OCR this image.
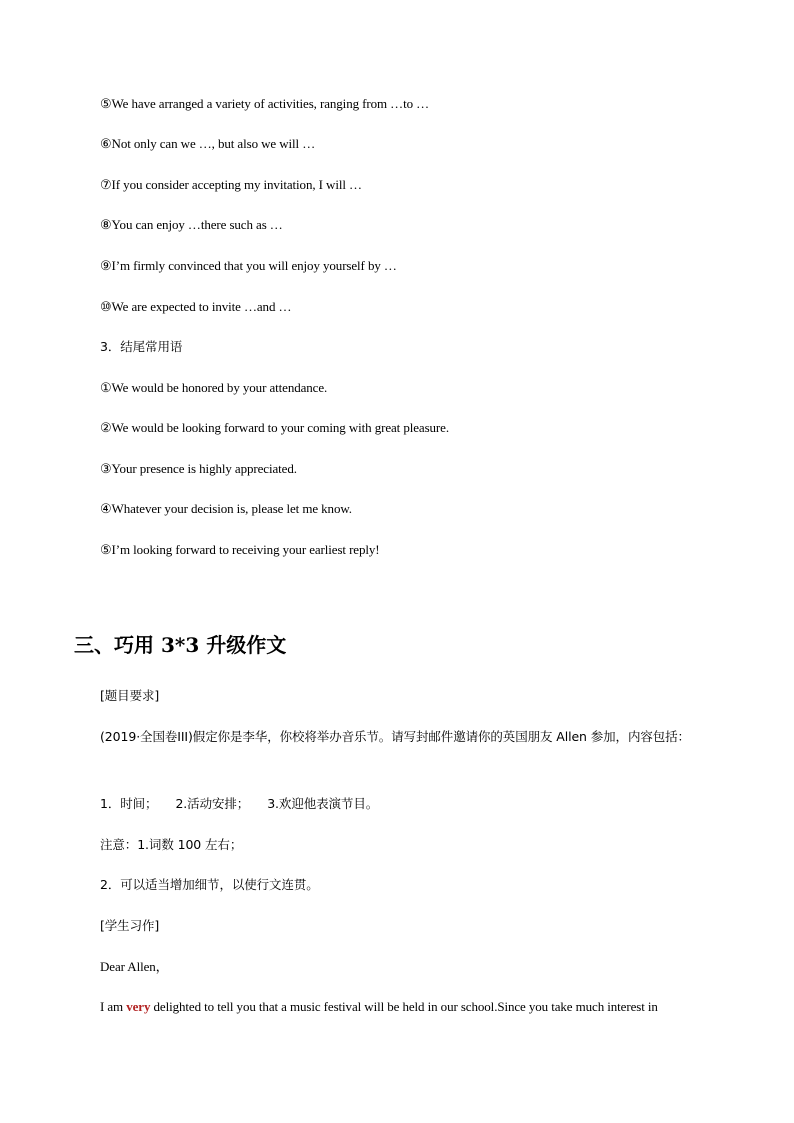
⑤We have arranged a variety of activities, ranging from …to …
⑥Not only can we …, but also we will …
⑦If you consider accepting my invitation, I will …
⑧You can enjoy …there such as …
⑨I’m firmly convinced that you will enjoy yourself by …
⑩We are expected to invite …and …
3．结尾常用语
①We would be honored by your attendance.
②We would be looking forward to your coming with great pleasure.
③Your presence is highly appreciated.
④Whatever your decision is, please let me know.
⑤I’m looking forward to receiving your earliest reply!
三、巧用 3*3 升级作文
[题目要求]
(2019·全国卷III)假定你是李华，你校将举办音乐节。请写封邮件邀请你的英国朋友 Allen 参加，内容包括：
1．时间； 2.活动安排； 3.欢迎他表演节目。
注意：1.词数 100 左右；
2．可以适当增加细节，以使行文连贯。
[学生习作]
Dear Allen，
I am very delighted to tell you that a music festival will be held in our school.Since you take much interest in
